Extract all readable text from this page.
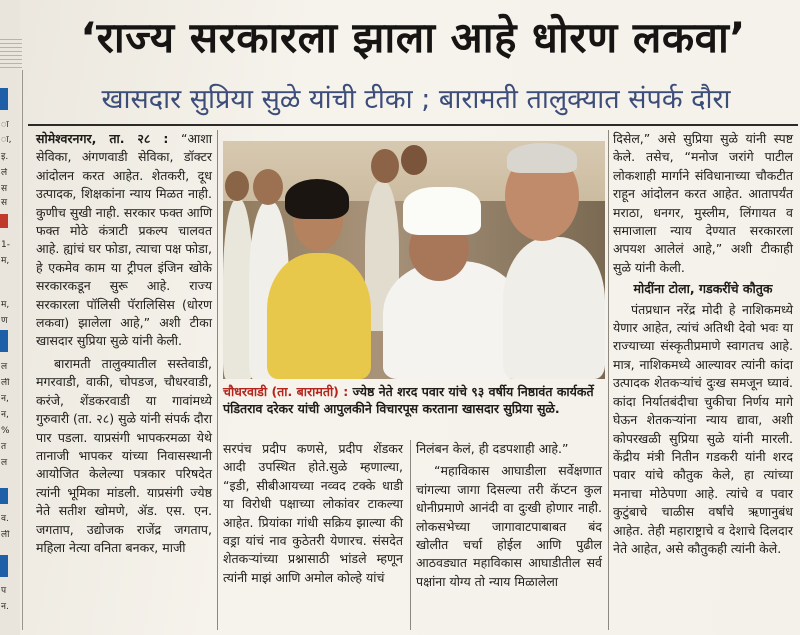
ा
ा,
इ.
ले
स
स
1-
म,
म,
ण
ल
ली
न,
न,
%
त
ल
व.
ली
प
न.
‘राज्य सरकारला झाला आहे धोरण लकवा’
खासदार सुप्रिया सुळे यांची टीका ; बारामती तालुक्यात संपर्क दौरा

सोमेश्वरनगर, ता. २८ : “आशा सेविका, अंगणवाडी सेविका, डॉक्टर आंदोलन करत आहेत. शेतकरी, दूध उत्पादक, शिक्षकांना न्याय मिळत नाही. कुणीच सुखी नाही. सरकार फक्त आणि फक्त मोठे कंत्राटी प्रकल्प चालवत आहे. ह्यांचं घर फोडा, त्याचा पक्ष फोडा, हे एकमेव काम या ट्रीपल इंजिन खोके सरकारकडून सुरू आहे. राज्य सरकारला पॉलिसी पॅरालिसिस (धोरण लकवा) झालेला आहे,” अशी टीका खासदार सुप्रिया सुळे यांनी केली.

बारामती तालुक्यातील सस्तेवाडी, मगरवाडी, वाकी, चोपडज, चौधरवाडी, करंजे, शेंडकरवाडी या गावांमध्ये गुरुवारी (ता. २८) सुळे यांनी संपर्क दौरा पार पडला. याप्रसंगी भापकरमळा येथे तानाजी भापकर यांच्या निवासस्थानी आयोजित केलेल्या पत्रकार परिषदेत त्यांनी भूमिका मांडली. याप्रसंगी ज्येष्ठ नेते सतीश खोमणे, ॲड. एस. एन. जगताप, उद्योजक राजेंद्र जगताप, महिला नेत्या वनिता बनकर, माजी

चौधरवाडी (ता. बारामती) : ज्येष्ठ नेते शरद पवार यांचे ९३ वर्षीय निष्ठावंत कार्यकर्ते पंडितराव दरेकर यांची आपुलकीने विचारपूस करताना खासदार सुप्रिया सुळे.

सरपंच प्रदीप कणसे, प्रदीप शेंडकर आदी उपस्थित होते.सुळे म्हणाल्या, “इडी, सीबीआयच्या नव्वद टक्के धाडी या विरोधी पक्षाच्या लोकांवर टाकल्या आहेत. प्रियांका गांधी सक्रिय झाल्या की वड्रा यांचं नाव कुठेतरी येणारच. संसदेत शेतकऱ्यांच्या प्रश्नासाठी भांडले म्हणून त्यांनी माझं आणि अमोल कोल्हे यांचं

निलंबन केलं, ही दडपशाही आहे.”

“महाविकास आघाडीला सर्वेक्षणात चांगल्या जागा दिसल्या तरी कॅप्टन कुल धोनीप्रमाणे आनंदी वा दुःखी होणार नाही. लोकसभेच्या जागावाटपाबाबत बंद खोलीत चर्चा होईल आणि पुढील आठवड्यात महाविकास आघाडीतील सर्व पक्षांना योग्य तो न्याय मिळालेला

दिसेल,” असे सुप्रिया सुळे यांनी स्पष्ट केले. तसेच, “मनोज जरांगे पाटील लोकशाही मार्गाने संविधानाच्या चौकटीत राहून आंदोलन करत आहेत. आतापर्यंत मराठा, धनगर, मुस्लीम, लिंगायत व समाजाला न्याय देण्यात सरकारला अपयश आलेलं आहे,” अशी टीकाही सुळे यांनी केली.

मोदींना टोला, गडकरींचे कौतुक

पंतप्रधान नरेंद्र मोदी हे नाशिकमध्ये येणार आहेत, त्यांचं अतिथी देवो भवः या राज्याच्या संस्कृतीप्रमाणे स्वागतच आहे. मात्र, नाशिकमध्ये आल्यावर त्यांनी कांदा उत्पादक शेतकऱ्यांचं दुःख समजून घ्यावं. कांदा निर्यातबंदीचा चुकीचा निर्णय मागे घेऊन शेतकऱ्यांना न्याय द्यावा, अशी कोपरखळी सुप्रिया सुळे यांनी मारली. केंद्रीय मंत्री नितीन गडकरी यांनी शरद पवार यांचे कौतुक केले, हा त्यांच्या मनाचा मोठेपणा आहे. त्यांचे व पवार कुटुंबाचे चाळीस वर्षांचे ऋणानुबंध आहेत. तेही महाराष्ट्राचे व देशाचे दिलदार नेते आहेत, असे कौतुकही त्यांनी केले.
